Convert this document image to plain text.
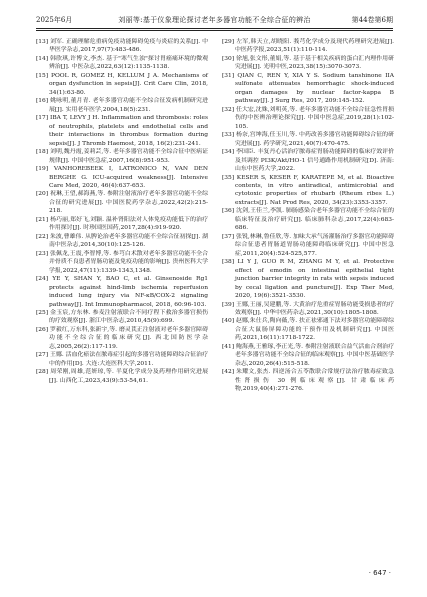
2025年6月	刘丽等:基于仪象理论探讨老年多器官功能不全综合征的辨治	第44卷第6期

[13] 刘军. 正确理解危重病免疫功能障碍免疫与炎症的关系[J]. 中华医学杂志,2017,97(7):483-486.

[14] 韩欣琪,许博文,李杰. 基于"寒气生浊"探讨胃癌痛环境的微观辨治[J]. 中医杂志,2022,63(12):1135-1138.

[15] POOL R, GOMEZ H, KELLUM J A. Mechanisms of organ dysfunction in sepsis[J]. Crit Care Clin, 2018, 34(1):63-80.

[16] 姚咏明,董月青. 老年多器官功能不全综合征发病机制研究进展[J]. 实用老年医学,2004,18(5):231.

[17] IBA T, LEVY J H. Inflammation and thrombosis: roles of neutrophils, platelets and endothelial cells and their interactions in thrombus formation during sepsis[J]. J Thromb Haemost, 2018, 16(2):231-241.

[18] 刘明,魏丹霞,姜莉芸,等. 老年多器官功能不全综合征中医病证规律[J]. 中国中医急症,2007,16(8):951-953.

[19] VANHOREBEEK I, LATRONICO N, VAN DEN BERGHE G. ICU-acquired weakness[J]. Intensive Care Med, 2020, 46(4):637-653.

[20] 祝琳,王望,郝海燕,等. 参附注射液治疗老年多器官功能不全综合征的研究进展[J]. 中国医院药学杂志,2022,42(2):215-218.

[21] 杨巧丽,郑好飞,刘颖. 温补肾阳法对人体免疫功能低下的治疗作用探讨[J]. 时珍国医国药,2017,28(4):919-920.

[22] 朱波,曹雄伟. 从脾论治老年多器官功能不全综合征初探[J]. 湖南中医杂志,2014,30(10):125-126.

[23] 张佩龙,王震,李智博,等. 参芎白术散对老年多器官功能不全合并骨质不良患者胃肠功能及免疫功能的影响[J]. 贵州医科大学学报,2022,47(11):1339-1343,1348.

[24] YE Y, SHAN Y, BAO C, et al. Ginsenoside Rg1 protects against hind-limb ischemia reperfusion induced lung injury via NF-κB/COX-2 signaling pathway[J]. Int Immunopharmacol, 2018, 60:96-103.

[25] 金玉宸,方东林. 参麦注射液联合不同疗程下救治多器官损伤的疗效观察[J]. 浙江中医杂志,2010,45(9):699.

[26] 罗毅红,万东科,张新宇,等. 磨灵芪正注射液对老年多器官障碍功能不全综合征的临床研究[J]. 西北国防医学杂志,2005,26(2):117-119.

[27] 王娜. 活血化瘀法在脓毒症引起的多器官功能障碍综合征治疗中的作用[D]. 大连:大连医科大学,2011.

[28] 周荣刚,周雄,范妍琼,等. 半夏化学成分及药理作用研究进展[J]. 山西化工,2023,43(9):53-54,61.

[29] 左军,韩天立,胡晓阳. 莪芎化学成分及现代药理研究进展[J]. 中医药学报,2023,51(1):110-114.

[30] 徐旭,张文彤,董娟,等. 基于基于相关疾病的蛋白汇内理作用研究进展[J]. 光明中医,2023,38(15):3070-3073.

[31] QIAN C, REN Y, XIA Y S. Sodium tanshinone IIA sulfonate attenuates hemorrhagic shock-induced organ damages by nuclear factor-kappa B pathway[J]. J Surg Res, 2017, 209:145-152.

[32] 任大宏,沈姝,刘明英,等. 老年多器官功能不全综合征急性胃损伤的中医辨治理论探究[J]. 中国中医急症,2019,28(1):102-105.

[33] 杨奈,宫坤海,任玉川,等. 中药改善多器官功能障碍综合征的研究进展[J]. 药学研究,2021,40(7):470-475.

[34] 李国臣. 丰复丹心活治疗脓毒症胃肠功能障碍的临床疗效评价及其调控 PI3K/Akt/HO-1 信号通路作用机制研究[D]. 济南:山东中医药大学,2022.

[35] KESER S, KESER F, KARATEPE M, et al. Bioactive contents, in vitro antiradical, antimicrobial and cytotoxic properties of rhubarb (Rheum ribes L.) extracts[J]. Nat Prod Res, 2020, 34(23):3353-3357.

[36] 沈剑,王佳兰,李凯. 肺肠感染合老年多器官功能不全综合征的临床特征及治疗研究[J]. 临床肺科杂志,2017,22(4):683-686.

[37] 张锐,林琳,鲁佳欣,等. 加味大承气汤灌肠治疗多器官功能障碍综合征患者胃肠道胃肠功能障碍临床研究[J]. 中国中医急症,2011,20(4):524-525,577.

[38] LI Y J, GUO R M, ZHANG M Y, et al. Protective effect of emodin on intestinal epithelial tight junction barrier integrity in rats with sepsis induced by cecal ligation and puncture[J]. Exp Ther Med, 2020, 19(6):3521-3530.

[39] 王娜,王丽,吴建鹏,等. 大黄治疗危重症胃肠功能受损患者的疗效观察[J]. 中华中医药杂志,2021,30(10):1805-1808.

[40] 赵娜,朱仕兵,陶向薇,等. 扶正祛邪通下法对多器官功能障碍综合征大鼠肠屏障功能的干预作用及机制研究[J]. 中国医药,2021,16(11):1718-1722.

[41] 鲍海燕,王雅琢,李正光,等. 参附注射液联合益气活血合剂治疗老年多器官功能不全综合征的临床观察[J]. 中国中医基础医学杂志,2020,26(4):515-518.

[42] 朱耀文,张杰. 四逆汤合五苓散联合常规疗法治疗脓毒症致急性肾损伤 30 例临床观察[J]. 甘肃临床药物,2019,40(4):271-276.

· 647 ·
